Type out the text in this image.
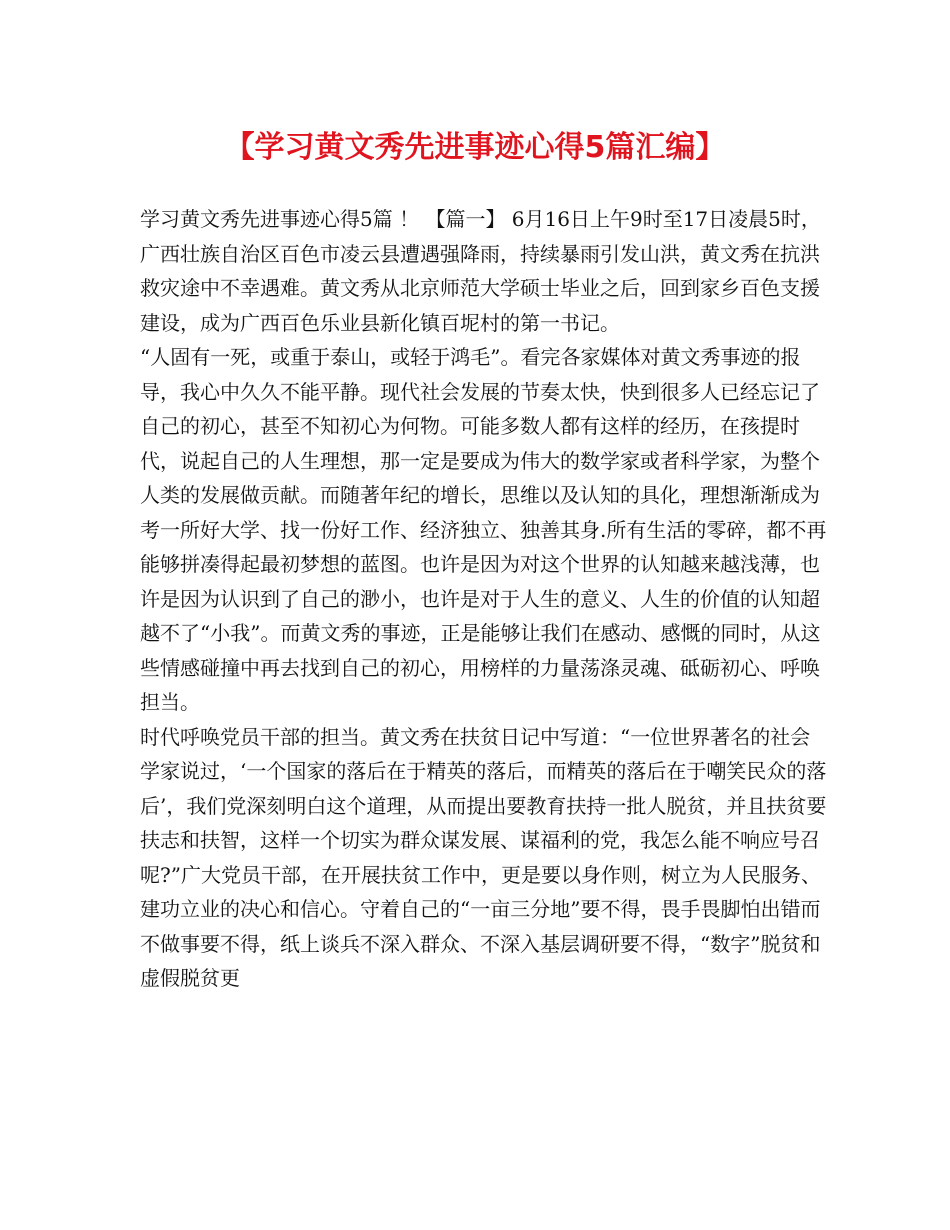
【学习黄文秀先进事迹心得5篇汇编】

学习黄文秀先进事迹心得5篇 ！ 【篇一】 6月16日上午9时至17日凌晨5时，广西壮族自治区百色市凌云县遭遇强降雨，持续暴雨引发山洪，黄文秀在抗洪救灾途中不幸遇难。黄文秀从北京师范大学硕士毕业之后，回到家乡百色支援建设，成为广西百色乐业县新化镇百坭村的第一书记。

“人固有一死，或重于泰山，或轻于鸿毛”。看完各家媒体对黄文秀事迹的报导，我心中久久不能平静。现代社会发展的节奏太快，快到很多人已经忘记了自己的初心，甚至不知初心为何物。可能多数人都有这样的经历，在孩提时代，说起自己的人生理想，那一定是要成为伟大的数学家或者科学家，为整个人类的发展做贡献。而随著年纪的增长，思维以及认知的具化，理想渐渐成为考一所好大学、找一份好工作、经济独立、独善其身.所有生活的零碎，都不再能够拼凑得起最初梦想的蓝图。也许是因为对这个世界的认知越来越浅薄，也许是因为认识到了自己的渺小，也许是对于人生的意义、人生的价值的认知超越不了“小我”。而黄文秀的事迹，正是能够让我们在感动、感慨的同时，从这些情感碰撞中再去找到自己的初心，用榜样的力量荡涤灵魂、砥砺初心、呼唤担当。

时代呼唤党员干部的担当。黄文秀在扶贫日记中写道：“一位世界著名的社会学家说过，‘一个国家的落后在于精英的落后，而精英的落后在于嘲笑民众的落后’，我们党深刻明白这个道理，从而提出要教育扶持一批人脱贫，并且扶贫要扶志和扶智，这样一个切实为群众谋发展、谋福利的党，我怎么能不响应号召呢?”广大党员干部，在开展扶贫工作中，更是要以身作则，树立为人民服务、建功立业的决心和信心。守着自己的“一亩三分地”要不得，畏手畏脚怕出错而不做事要不得，纸上谈兵不深入群众、不深入基层调研要不得，“数字”脱贫和虚假脱贫更
